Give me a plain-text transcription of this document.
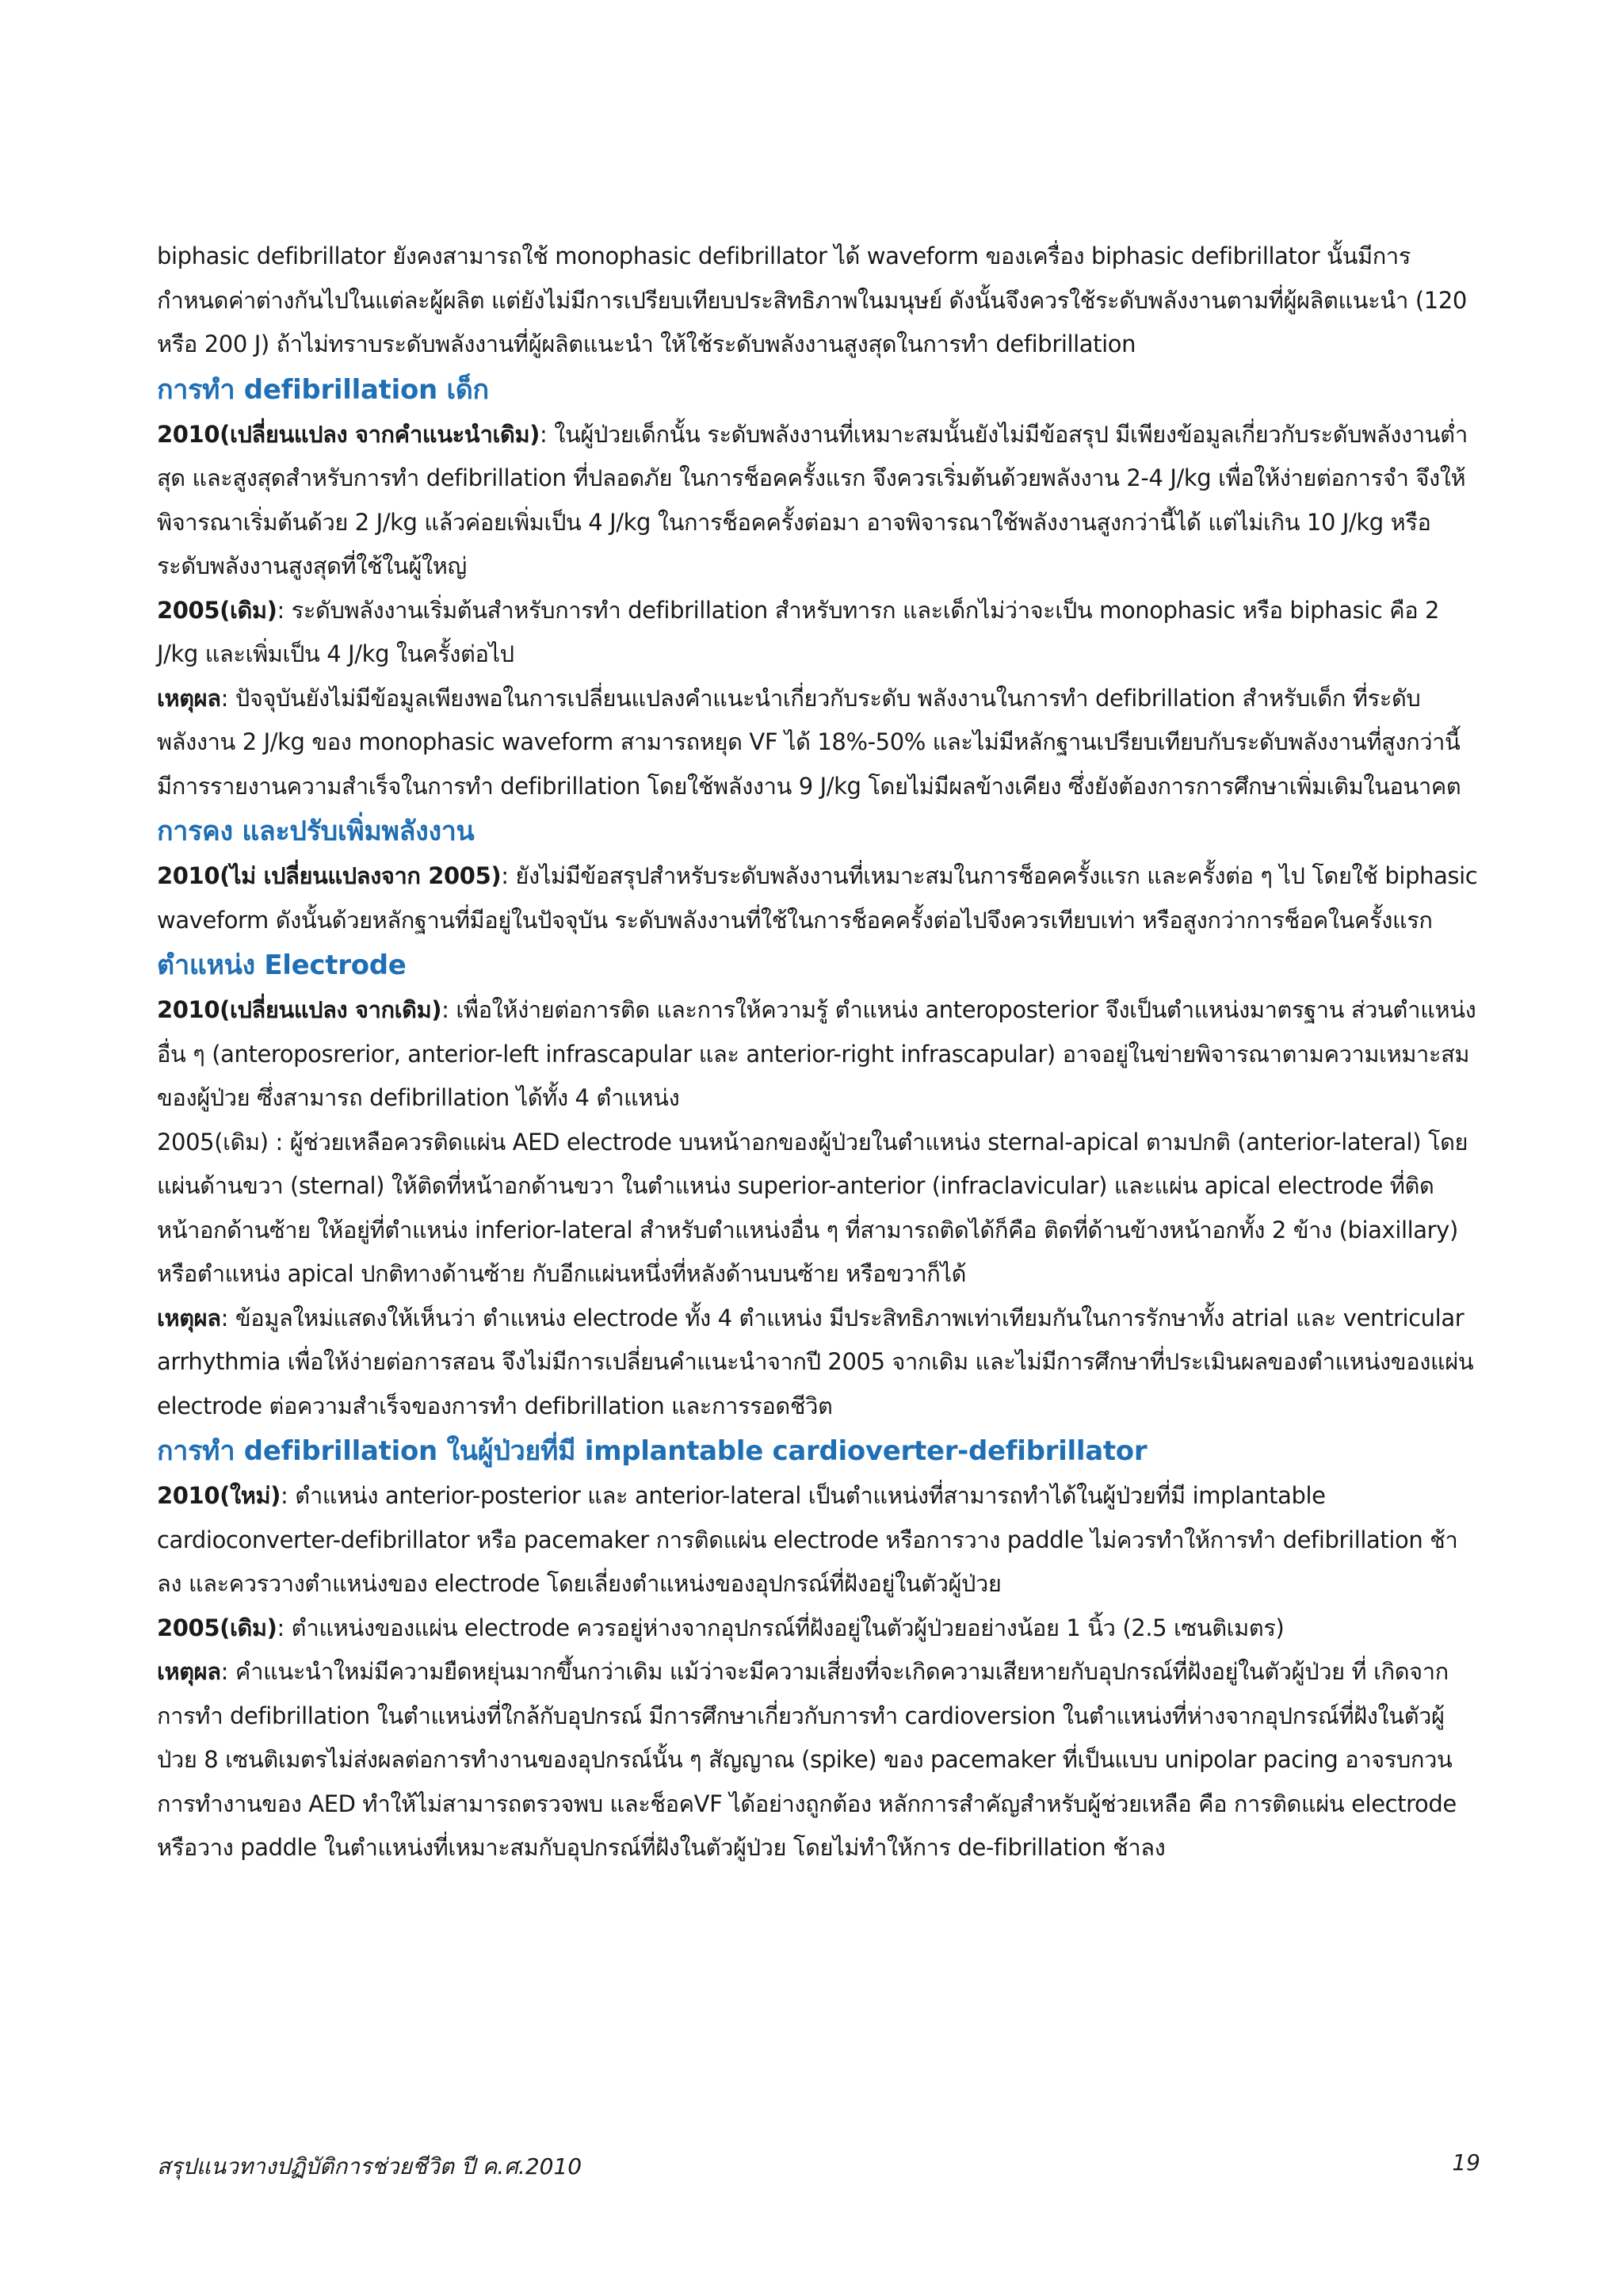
biphasic defibrillator ยังคงสามารถใช้ monophasic defibrillator ได้ waveform ของเครื่อง biphasic defibrillator นั้นมีการกำหนดค่าต่างกันไปในแต่ละผู้ผลิต แต่ยังไม่มีการเปรียบเทียบประสิทธิภาพในมนุษย์ ดังนั้นจึงควรใช้ระดับพลังงานตามที่ผู้ผลิตแนะนำ (120 หรือ 200 J) ถ้าไม่ทราบระดับพลังงานที่ผู้ผลิตแนะนำ ให้ใช้ระดับพลังงานสูงสุดในการทำ defibrillation

การทำ defibrillation เด็ก

2010(เปลี่ยนแปลง จากคำแนะนำเดิม): ในผู้ป่วยเด็กนั้น ระดับพลังงานที่เหมาะสมนั้นยังไม่มีข้อสรุป มีเพียงข้อมูลเกี่ยวกับระดับพลังงานต่ำสุด และสูงสุดสำหรับการทำ defibrillation ที่ปลอดภัย ในการช็อคครั้งแรก จึงควรเริ่มต้นด้วยพลังงาน 2-4 J/kg เพื่อให้ง่ายต่อการจำ จึงให้พิจารณาเริ่มต้นด้วย 2 J/kg แล้วค่อยเพิ่มเป็น 4 J/kg ในการช็อคครั้งต่อมา อาจพิจารณาใช้พลังงานสูงกว่านี้ได้ แต่ไม่เกิน 10 J/kg หรือระดับพลังงานสูงสุดที่ใช้ในผู้ใหญ่

2005(เดิม): ระดับพลังงานเริ่มต้นสำหรับการทำ defibrillation สำหรับทารก และเด็กไม่ว่าจะเป็น monophasic หรือ biphasic คือ 2 J/kg และเพิ่มเป็น 4 J/kg ในครั้งต่อไป

เหตุผล: ปัจจุบันยังไม่มีข้อมูลเพียงพอในการเปลี่ยนแปลงคำแนะนำเกี่ยวกับระดับ พลังงานในการทำ defibrillation สำหรับเด็ก ที่ระดับพลังงาน 2 J/kg ของ monophasic waveform สามารถหยุด VF ได้ 18%-50% และไม่มีหลักฐานเปรียบเทียบกับระดับพลังงานที่สูงกว่านี้ มีการรายงานความสำเร็จในการทำ defibrillation โดยใช้พลังงาน 9 J/kg โดยไม่มีผลข้างเคียง ซึ่งยังต้องการการศึกษาเพิ่มเติมในอนาคต

การคง และปรับเพิ่มพลังงาน

2010(ไม่ เปลี่ยนแปลงจาก 2005): ยังไม่มีข้อสรุปสำหรับระดับพลังงานที่เหมาะสมในการช็อคครั้งแรก และครั้งต่อ ๆ ไป โดยใช้ biphasic waveform ดังนั้นด้วยหลักฐานที่มีอยู่ในปัจจุบัน ระดับพลังงานที่ใช้ในการช็อคครั้งต่อไปจึงควรเทียบเท่า หรือสูงกว่าการช็อคในครั้งแรก

ตำแหน่ง Electrode

2010(เปลี่ยนแปลง จากเดิม): เพื่อให้ง่ายต่อการติด และการให้ความรู้ ตำแหน่ง anteroposterior จึงเป็นตำแหน่งมาตรฐาน ส่วนตำแหน่งอื่น ๆ (anteroposrerior, anterior-left infrascapular และ anterior-right infrascapular) อาจอยู่ในข่ายพิจารณาตามความเหมาะสมของผู้ป่วย ซึ่งสามารถ defibrillation ได้ทั้ง 4 ตำแหน่ง

2005(เดิม) : ผู้ช่วยเหลือควรติดแผ่น AED electrode บนหน้าอกของผู้ป่วยในตำแหน่ง sternal-apical ตามปกติ (anterior-lateral) โดยแผ่นด้านขวา (sternal) ให้ติดที่หน้าอกด้านขวา ในตำแหน่ง superior-anterior (infraclavicular) และแผ่น apical electrode ที่ติดหน้าอกด้านซ้าย ให้อยู่ที่ตำแหน่ง inferior-lateral สำหรับตำแหน่งอื่น ๆ ที่สามารถติดได้ก็คือ ติดที่ด้านข้างหน้าอกทั้ง 2 ข้าง (biaxillary) หรือตำแหน่ง apical ปกติทางด้านซ้าย กับอีกแผ่นหนึ่งที่หลังด้านบนซ้าย หรือขวาก็ได้

เหตุผล: ข้อมูลใหม่แสดงให้เห็นว่า ตำแหน่ง electrode ทั้ง 4 ตำแหน่ง มีประสิทธิภาพเท่าเทียมกันในการรักษาทั้ง atrial และ ventricular arrhythmia เพื่อให้ง่ายต่อการสอน จึงไม่มีการเปลี่ยนคำแนะนำจากปี 2005 จากเดิม และไม่มีการศึกษาที่ประเมินผลของตำแหน่งของแผ่น electrode ต่อความสำเร็จของการทำ defibrillation และการรอดชีวิต

การทำ defibrillation ในผู้ป่วยที่มี implantable cardioverter-defibrillator

2010(ใหม่): ตำแหน่ง anterior-posterior และ anterior-lateral เป็นตำแหน่งที่สามารถทำได้ในผู้ป่วยที่มี implantable cardioconverter-defibrillator หรือ pacemaker การติดแผ่น electrode หรือการวาง paddle ไม่ควรทำให้การทำ defibrillation ช้าลง และควรวางตำแหน่งของ electrode โดยเลี่ยงตำแหน่งของอุปกรณ์ที่ฝังอยู่ในตัวผู้ป่วย

2005(เดิม): ตำแหน่งของแผ่น electrode ควรอยู่ห่างจากอุปกรณ์ที่ฝังอยู่ในตัวผู้ป่วยอย่างน้อย 1 นิ้ว (2.5 เซนติเมตร)

เหตุผล: คำแนะนำใหม่มีความยืดหยุ่นมากขึ้นกว่าเดิม แม้ว่าจะมีความเสี่ยงที่จะเกิดความเสียหายกับอุปกรณ์ที่ฝังอยู่ในตัวผู้ป่วย ที่ เกิดจากการทำ defibrillation ในตำแหน่งที่ใกล้กับอุปกรณ์ มีการศึกษาเกี่ยวกับการทำ cardioversion ในตำแหน่งที่ห่างจากอุปกรณ์ที่ฝังในตัวผู้ป่วย 8 เซนติเมตรไม่ส่งผลต่อการทำงานของอุปกรณ์นั้น ๆ สัญญาณ (spike) ของ pacemaker ที่เป็นแบบ unipolar pacing อาจรบกวนการทำงานของ AED ทำให้ไม่สามารถตรวจพบ และช็อคVF ได้อย่างถูกต้อง หลักการสำคัญสำหรับผู้ช่วยเหลือ คือ การติดแผ่น electrode หรือวาง paddle ในตำแหน่งที่เหมาะสมกับอุปกรณ์ที่ฝังในตัวผู้ป่วย โดยไม่ทำให้การ de-fibrillation ช้าลง

สรุปแนวทางปฏิบัติการช่วยชีวิต ปี ค.ศ.2010	19
